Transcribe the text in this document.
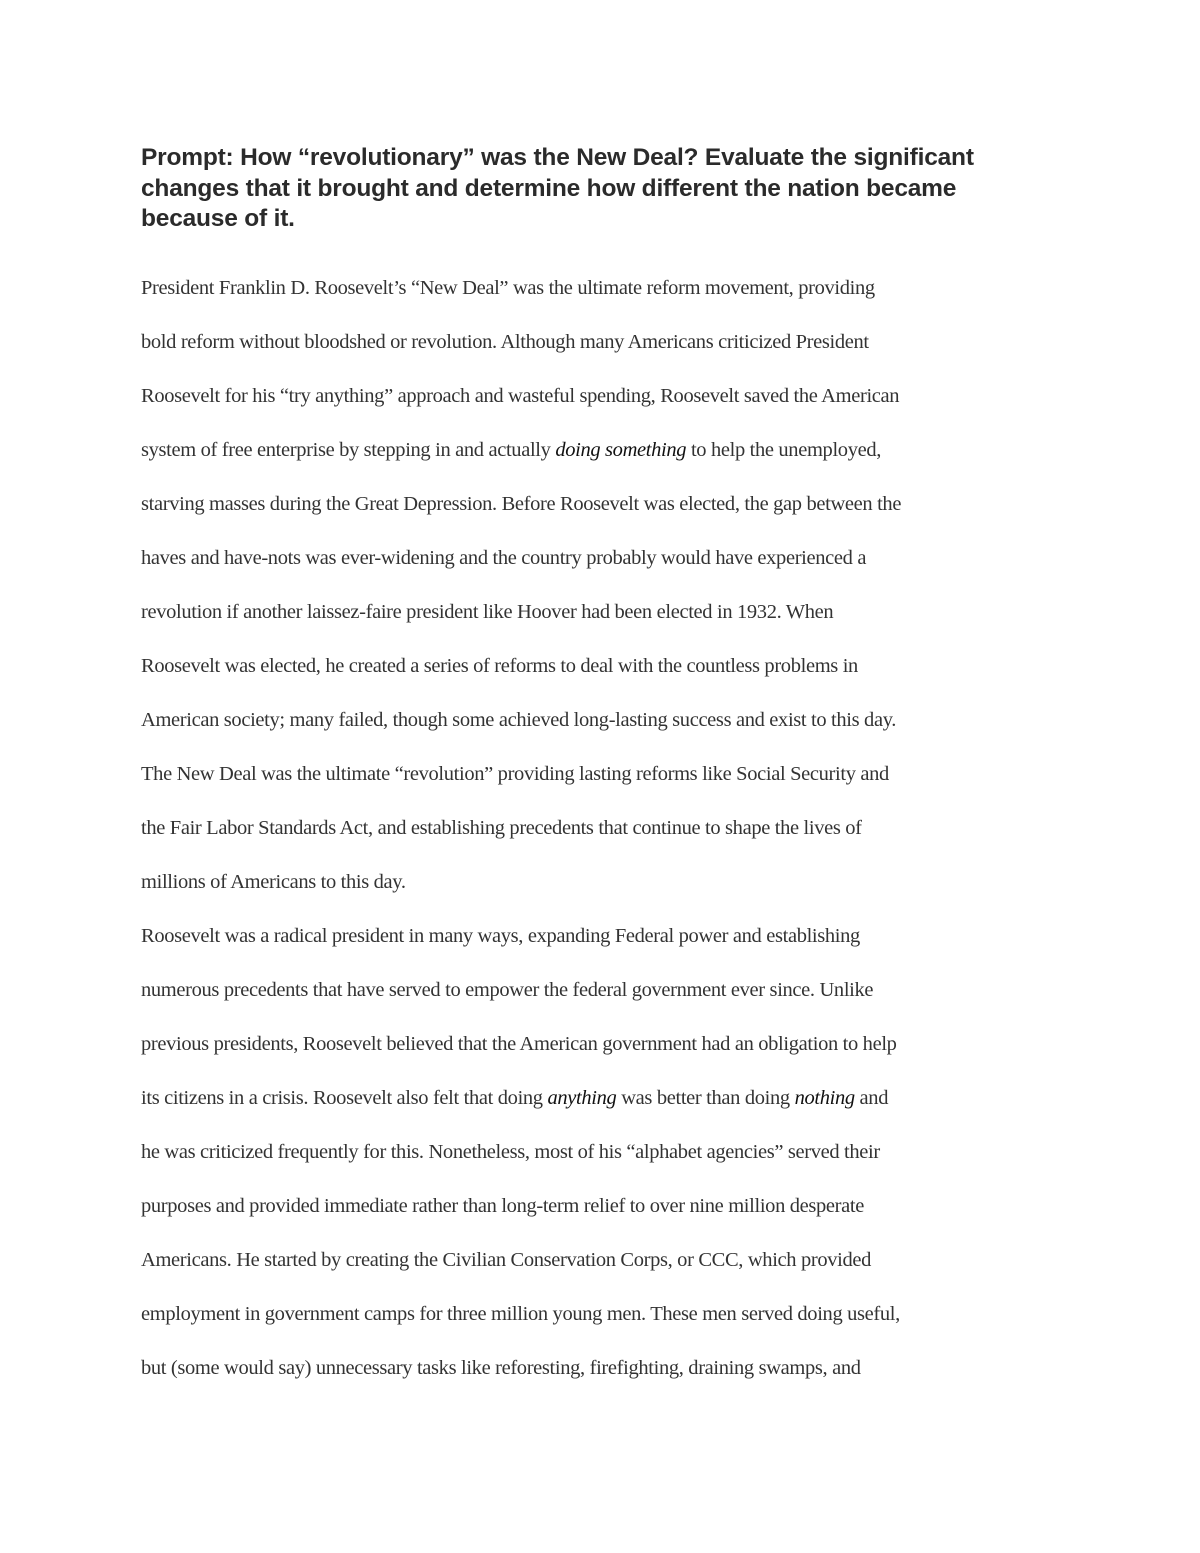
Prompt: How “revolutionary” was the New Deal? Evaluate the significant
changes that it brought and determine how different the nation became
because of it.
President Franklin D. Roosevelt’s “New Deal” was the ultimate reform movement, providing
bold reform without bloodshed or revolution. Although many Americans criticized President
Roosevelt for his “try anything” approach and wasteful spending, Roosevelt saved the American
system of free enterprise by stepping in and actually doing something to help the unemployed,
starving masses during the Great Depression. Before Roosevelt was elected, the gap between the
haves and have-nots was ever-widening and the country probably would have experienced a
revolution if another laissez-faire president like Hoover had been elected in 1932. When
Roosevelt was elected, he created a series of reforms to deal with the countless problems in
American society; many failed, though some achieved long-lasting success and exist to this day.
The New Deal was the ultimate “revolution” providing lasting reforms like Social Security and
the Fair Labor Standards Act, and establishing precedents that continue to shape the lives of
millions of Americans to this day.
Roosevelt was a radical president in many ways, expanding Federal power and establishing
numerous precedents that have served to empower the federal government ever since. Unlike
previous presidents, Roosevelt believed that the American government had an obligation to help
its citizens in a crisis. Roosevelt also felt that doing anything was better than doing nothing and
he was criticized frequently for this. Nonetheless, most of his “alphabet agencies” served their
purposes and provided immediate rather than long-term relief to over nine million desperate
Americans. He started by creating the Civilian Conservation Corps, or CCC, which provided
employment in government camps for three million young men. These men served doing useful,
but (some would say) unnecessary tasks like reforesting, firefighting, draining swamps, and
